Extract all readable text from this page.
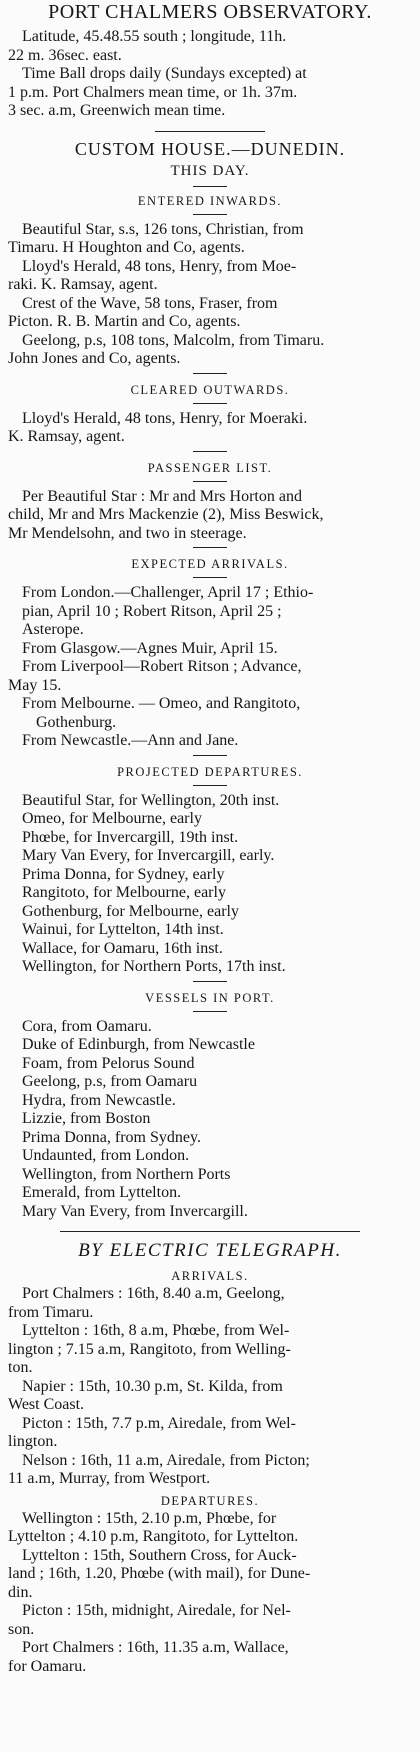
PORT CHALMERS OBSERVATORY.
Latitude, 45.48.55 south ; longitude, 11h.
22 m. 36sec. east.
Time Ball drops daily (Sundays excepted) at
1 p.m. Port Chalmers mean time, or 1h. 37m.
3 sec. a.m, Greenwich mean time.
CUSTOM HOUSE.—DUNEDIN.
THIS DAY.
ENTERED INWARDS.
Beautiful Star, s.s, 126 tons, Christian, from
Timaru. H Houghton and Co, agents.
Lloyd's Herald, 48 tons, Henry, from Moe-
raki. K. Ramsay, agent.
Crest of the Wave, 58 tons, Fraser, from
Picton. R. B. Martin and Co, agents.
Geelong, p.s, 108 tons, Malcolm, from Timaru.
John Jones and Co, agents.
CLEARED OUTWARDS.
Lloyd's Herald, 48 tons, Henry, for Moeraki.
K. Ramsay, agent.
PASSENGER LIST.
Per Beautiful Star : Mr and Mrs Horton and
child, Mr and Mrs Mackenzie (2), Miss Beswick,
Mr Mendelsohn, and two in steerage.
EXPECTED ARRIVALS.
From London.—Challenger, April 17 ; Ethio-
pian, April 10 ; Robert Ritson, April 25 ;
Asterope.
From Glasgow.—Agnes Muir, April 15.
From Liverpool—Robert Ritson ; Advance,
May 15.
From Melbourne. — Omeo, and Rangitoto,
Gothenburg.
From Newcastle.—Ann and Jane.
PROJECTED DEPARTURES.
Beautiful Star, for Wellington, 20th inst.
Omeo, for Melbourne, early
Phœbe, for Invercargill, 19th inst.
Mary Van Every, for Invercargill, early.
Prima Donna, for Sydney, early
Rangitoto, for Melbourne, early
Gothenburg, for Melbourne, early
Wainui, for Lyttelton, 14th inst.
Wallace, for Oamaru, 16th inst.
Wellington, for Northern Ports, 17th inst.
VESSELS IN PORT.
Cora, from Oamaru.
Duke of Edinburgh, from Newcastle
Foam, from Pelorus Sound
Geelong, p.s, from Oamaru
Hydra, from Newcastle.
Lizzie, from Boston
Prima Donna, from Sydney.
Undaunted, from London.
Wellington, from Northern Ports
Emerald, from Lyttelton.
Mary Van Every, from Invercargill.
BY ELECTRIC TELEGRAPH.
ARRIVALS.
Port Chalmers : 16th, 8.40 a.m, Geelong,
from Timaru.
Lyttelton : 16th, 8 a.m, Phœbe, from Wel-
lington ; 7.15 a.m, Rangitoto, from Welling-
ton.
Napier : 15th, 10.30 p.m, St. Kilda, from
West Coast.
Picton : 15th, 7.7 p.m, Airedale, from Wel-
lington.
Nelson : 16th, 11 a.m, Airedale, from Picton;
11 a.m, Murray, from Westport.
DEPARTURES.
Wellington : 15th, 2.10 p.m, Phœbe, for
Lyttelton ; 4.10 p.m, Rangitoto, for Lyttelton.
Lyttelton : 15th, Southern Cross, for Auck-
land ; 16th, 1.20, Phœbe (with mail), for Dune-
din.
Picton : 15th, midnight, Airedale, for Nel-
son.
Port Chalmers : 16th, 11.35 a.m, Wallace,
for Oamaru.
